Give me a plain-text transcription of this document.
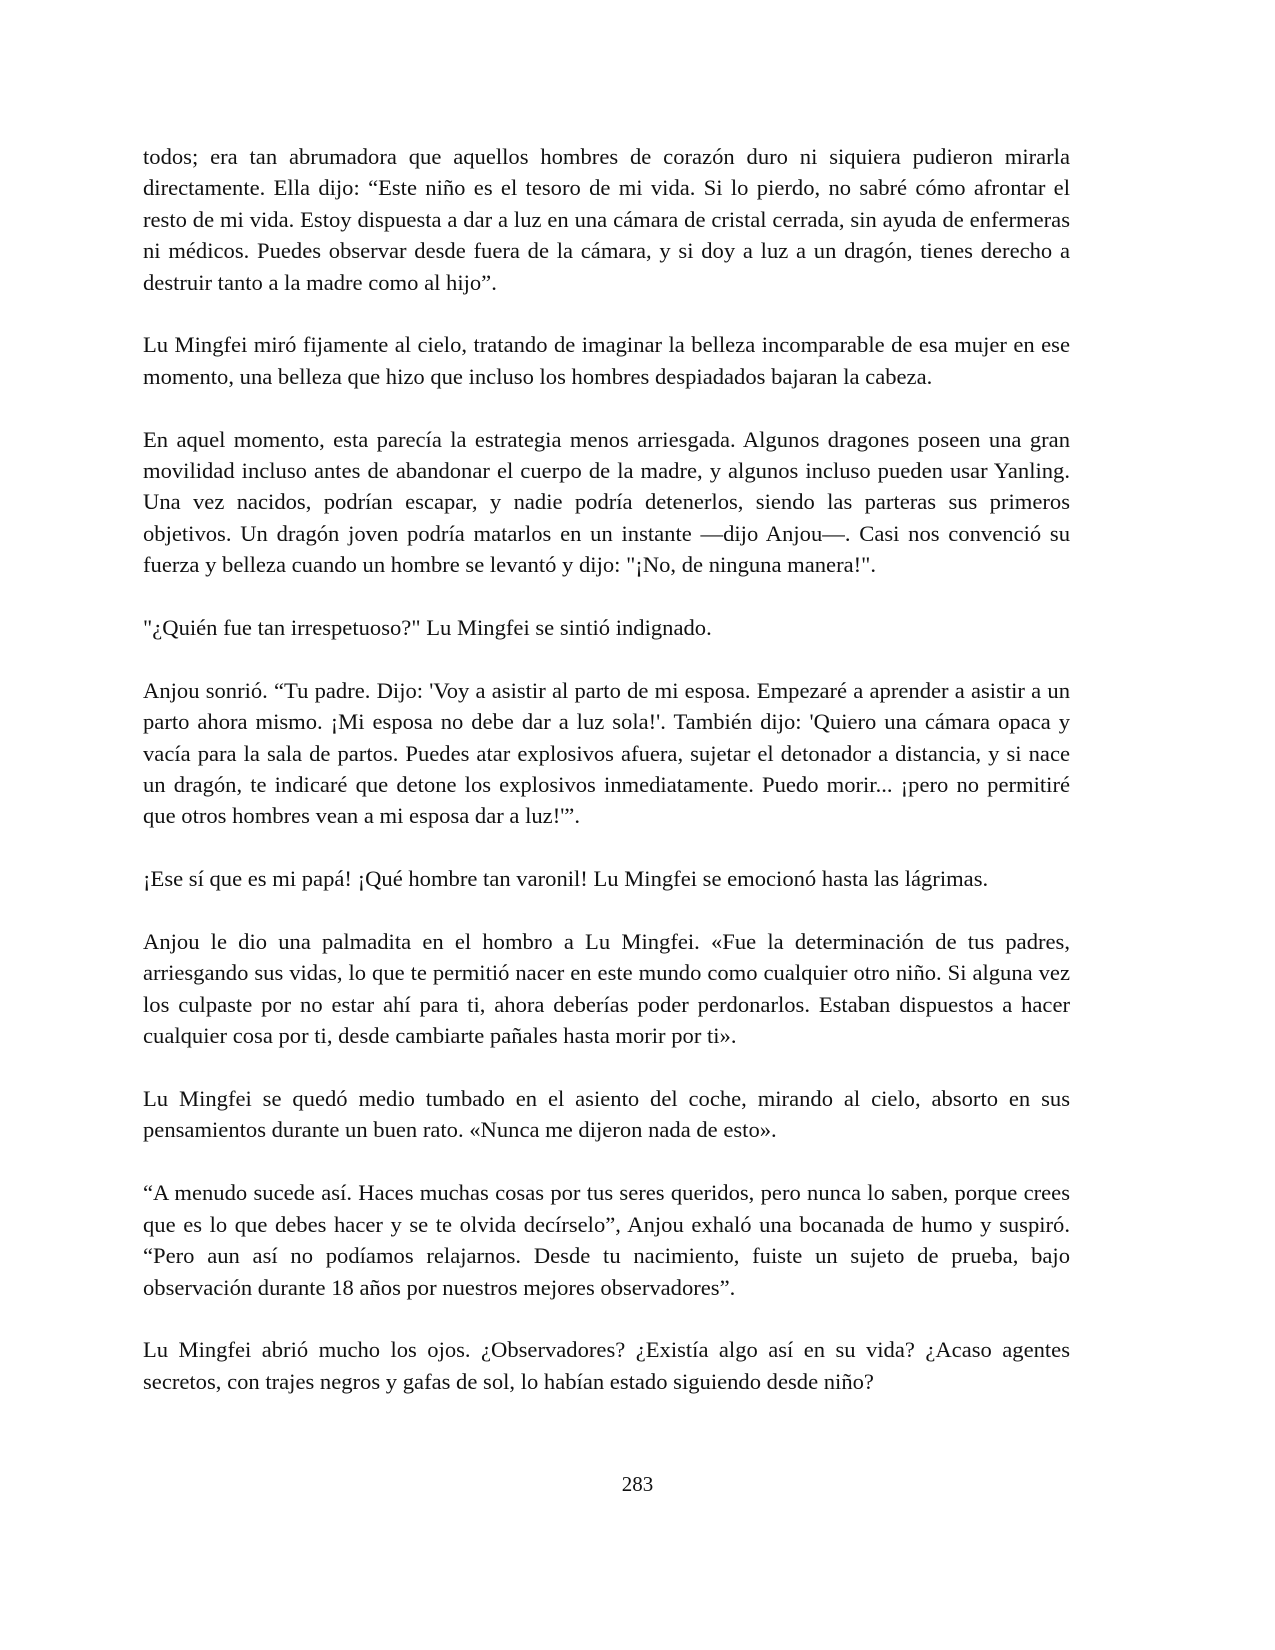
todos; era tan abrumadora que aquellos hombres de corazón duro ni siquiera pudieron mirarla directamente. Ella dijo: “Este niño es el tesoro de mi vida. Si lo pierdo, no sabré cómo afrontar el resto de mi vida. Estoy dispuesta a dar a luz en una cámara de cristal cerrada, sin ayuda de enfermeras ni médicos. Puedes observar desde fuera de la cámara, y si doy a luz a un dragón, tienes derecho a destruir tanto a la madre como al hijo”.

Lu Mingfei miró fijamente al cielo, tratando de imaginar la belleza incomparable de esa mujer en ese momento, una belleza que hizo que incluso los hombres despiadados bajaran la cabeza.

En aquel momento, esta parecía la estrategia menos arriesgada. Algunos dragones poseen una gran movilidad incluso antes de abandonar el cuerpo de la madre, y algunos incluso pueden usar Yanling. Una vez nacidos, podrían escapar, y nadie podría detenerlos, siendo las parteras sus primeros objetivos. Un dragón joven podría matarlos en un instante —dijo Anjou—. Casi nos convenció su fuerza y belleza cuando un hombre se levantó y dijo: "¡No, de ninguna manera!".

"¿Quién fue tan irrespetuoso?" Lu Mingfei se sintió indignado.

Anjou sonrió. “Tu padre. Dijo: 'Voy a asistir al parto de mi esposa. Empezaré a aprender a asistir a un parto ahora mismo. ¡Mi esposa no debe dar a luz sola!'. También dijo: 'Quiero una cámara opaca y vacía para la sala de partos. Puedes atar explosivos afuera, sujetar el detonador a distancia, y si nace un dragón, te indicaré que detone los explosivos inmediatamente. Puedo morir... ¡pero no permitiré que otros hombres vean a mi esposa dar a luz!'”.

¡Ese sí que es mi papá! ¡Qué hombre tan varonil! Lu Mingfei se emocionó hasta las lágrimas.

Anjou le dio una palmadita en el hombro a Lu Mingfei. «Fue la determinación de tus padres, arriesgando sus vidas, lo que te permitió nacer en este mundo como cualquier otro niño. Si alguna vez los culpaste por no estar ahí para ti, ahora deberías poder perdonarlos. Estaban dispuestos a hacer cualquier cosa por ti, desde cambiarte pañales hasta morir por ti».

Lu Mingfei se quedó medio tumbado en el asiento del coche, mirando al cielo, absorto en sus pensamientos durante un buen rato. «Nunca me dijeron nada de esto».

“A menudo sucede así. Haces muchas cosas por tus seres queridos, pero nunca lo saben, porque crees que es lo que debes hacer y se te olvida decírselo”, Anjou exhaló una bocanada de humo y suspiró. “Pero aun así no podíamos relajarnos. Desde tu nacimiento, fuiste un sujeto de prueba, bajo observación durante 18 años por nuestros mejores observadores”.

Lu Mingfei abrió mucho los ojos. ¿Observadores? ¿Existía algo así en su vida? ¿Acaso agentes secretos, con trajes negros y gafas de sol, lo habían estado siguiendo desde niño?

283
